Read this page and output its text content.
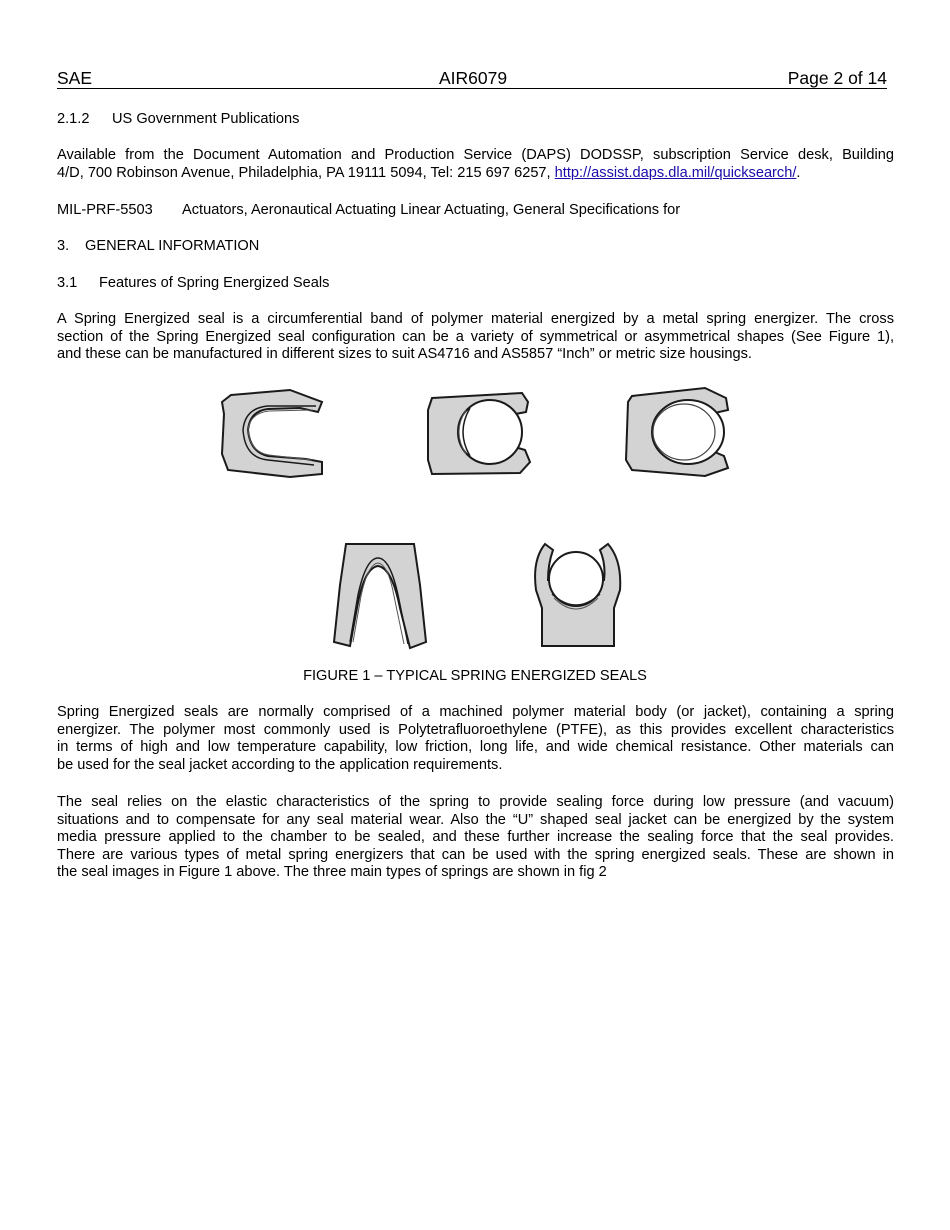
SAE	AIR6079	Page 2 of 14
2.1.2 US Government Publications
Available from the Document Automation and Production Service (DAPS) DODSSP, subscription Service desk, Building
4/D, 700 Robinson Avenue, Philadelphia, PA 19111 5094, Tel: 215 697 6257, http://assist.daps.dla.mil/quicksearch/.
MIL-PRF-5503 Actuators, Aeronautical Actuating Linear Actuating, General Specifications for
3. GENERAL INFORMATION
3.1 Features of Spring Energized Seals
A Spring Energized seal is a circumferential band of polymer material energized by a metal spring energizer. The cross
section of the Spring Energized seal configuration can be a variety of symmetrical or asymmetrical shapes (See Figure 1),
and these can be manufactured in different sizes to suit AS4716 and AS5857 “Inch” or metric size housings.
FIGURE 1 – TYPICAL SPRING ENERGIZED SEALS
Spring Energized seals are normally comprised of a machined polymer material body (or jacket), containing a spring
energizer. The polymer most commonly used is Polytetrafluoroethylene (PTFE), as this provides excellent characteristics
in terms of high and low temperature capability, low friction, long life, and wide chemical resistance. Other materials can
be used for the seal jacket according to the application requirements.
The seal relies on the elastic characteristics of the spring to provide sealing force during low pressure (and vacuum)
situations and to compensate for any seal material wear. Also the “U” shaped seal jacket can be energized by the system
media pressure applied to the chamber to be sealed, and these further increase the sealing force that the seal provides.
There are various types of metal spring energizers that can be used with the spring energized seals. These are shown in
the seal images in Figure 1 above. The three main types of springs are shown in fig 2
